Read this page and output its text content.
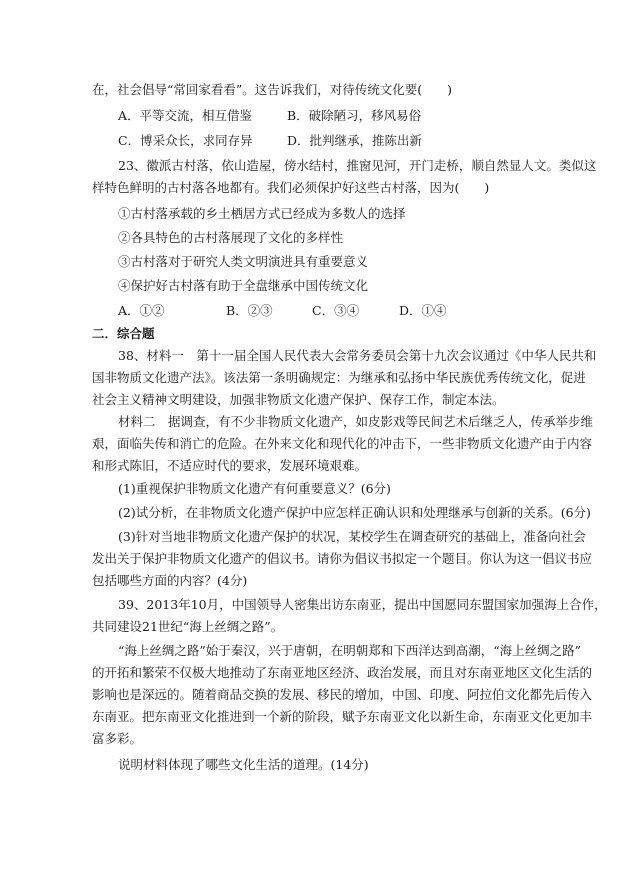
在，社会倡导“常回家看看”。这告诉我们，对待传统文化要(　　)
A．平等交流，相互借鉴	B．破除陋习，移风易俗
C．博采众长，求同存异	D．批判继承，推陈出新
23、徽派古村落，依山造屋，傍水结村，推窗见河，开门走桥，顺自然显人文。类似这
样特色鲜明的古村落各地都有。我们必须保护好这些古村落，因为(　　)
①古村落承载的乡土栖居方式已经成为多数人的选择
②各具特色的古村落展现了文化的多样性
③古村落对于研究人类文明演进具有重要意义
④保护好古村落有助于全盘继承中国传统文化
A．①②	B．②③	C．③④	D．①④
二．综合题
38、材料一　第十一届全国人民代表大会常务委员会第十九次会议通过《中华人民共和
国非物质文化遗产法》。该法第一条明确规定：为继承和弘扬中华民族优秀传统文化，促进
社会主义精神文明建设，加强非物质文化遗产保护、保存工作，制定本法。
材料二　据调查，有不少非物质文化遗产，如皮影戏等民间艺术后继乏人，传承举步维
艰，面临失传和消亡的危险。在外来文化和现代化的冲击下，一些非物质文化遗产由于内容
和形式陈旧，不适应时代的要求，发展环境艰难。
(1)重视保护非物质文化遗产有何重要意义？(6分)
(2)试分析，在非物质文化遗产保护中应怎样正确认识和处理继承与创新的关系。(6分)
(3)针对当地非物质文化遗产保护的状况，某校学生在调查研究的基础上，准备向社会
发出关于保护非物质文化遗产的倡议书。请你为倡议书拟定一个题目。你认为这一倡议书应
包括哪些方面的内容？(4分)
39、2013年10月，中国领导人密集出访东南亚，提出中国愿同东盟国家加强海上合作，
共同建设21世纪“海上丝绸之路”。
“海上丝绸之路”始于秦汉，兴于唐朝，在明朝郑和下西洋达到高潮，“海上丝绸之路”
的开拓和繁荣不仅极大地推动了东南亚地区经济、政治发展，而且对东南亚地区文化生活的
影响也是深远的。随着商品交换的发展、移民的增加，中国、印度、阿拉伯文化都先后传入
东南亚。把东南亚文化推进到一个新的阶段，赋予东南亚文化以新生命，东南亚文化更加丰
富多彩。
说明材料体现了哪些文化生活的道理。(14分)
